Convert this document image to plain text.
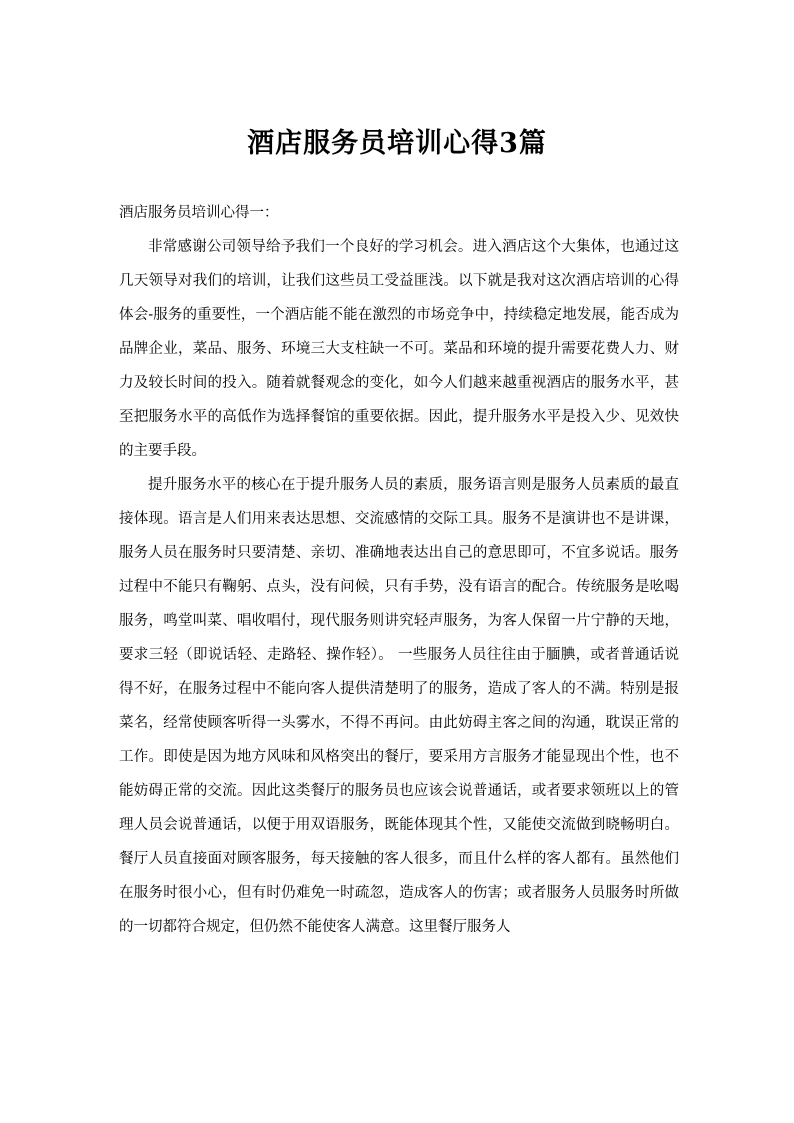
酒店服务员培训心得3篇

酒店服务员培训心得一：

非常感谢公司领导给予我们一个良好的学习机会。进入酒店这个大集体，也通过这几天领导对我们的培训，让我们这些员工受益匪浅。以下就是我对这次酒店培训的心得体会-服务的重要性，一个酒店能不能在激烈的市场竞争中，持续稳定地发展，能否成为品牌企业，菜品、服务、环境三大支柱缺一不可。菜品和环境的提升需要花费人力、财力及较长时间的投入。随着就餐观念的变化，如今人们越来越重视酒店的服务水平，甚至把服务水平的高低作为选择餐馆的重要依据。因此，提升服务水平是投入少、见效快的主要手段。

提升服务水平的核心在于提升服务人员的素质，服务语言则是服务人员素质的最直接体现。语言是人们用来表达思想、交流感情的交际工具。服务不是演讲也不是讲课，服务人员在服务时只要清楚、亲切、准确地表达出自己的意思即可，不宜多说话。服务过程中不能只有鞠躬、点头，没有问候，只有手势，没有语言的配合。传统服务是吆喝服务，鸣堂叫菜、唱收唱付，现代服务则讲究轻声服务，为客人保留一片宁静的天地，要求三轻（即说话轻、走路轻、操作轻）。 一些服务人员往往由于腼腆，或者普通话说得不好，在服务过程中不能向客人提供清楚明了的服务，造成了客人的不满。特别是报菜名，经常使顾客听得一头雾水，不得不再问。由此妨碍主客之间的沟通，耽误正常的工作。即使是因为地方风味和风格突出的餐厅，要采用方言服务才能显现出个性，也不能妨碍正常的交流。因此这类餐厅的服务员也应该会说普通话，或者要求领班以上的管理人员会说普通话，以便于用双语服务，既能体现其个性，又能使交流做到晓畅明白。餐厅人员直接面对顾客服务，每天接触的客人很多，而且什么样的客人都有。虽然他们在服务时很小心，但有时仍难免一时疏忽，造成客人的伤害；或者服务人员服务时所做的一切都符合规定，但仍然不能使客人满意。这里餐厅服务人
